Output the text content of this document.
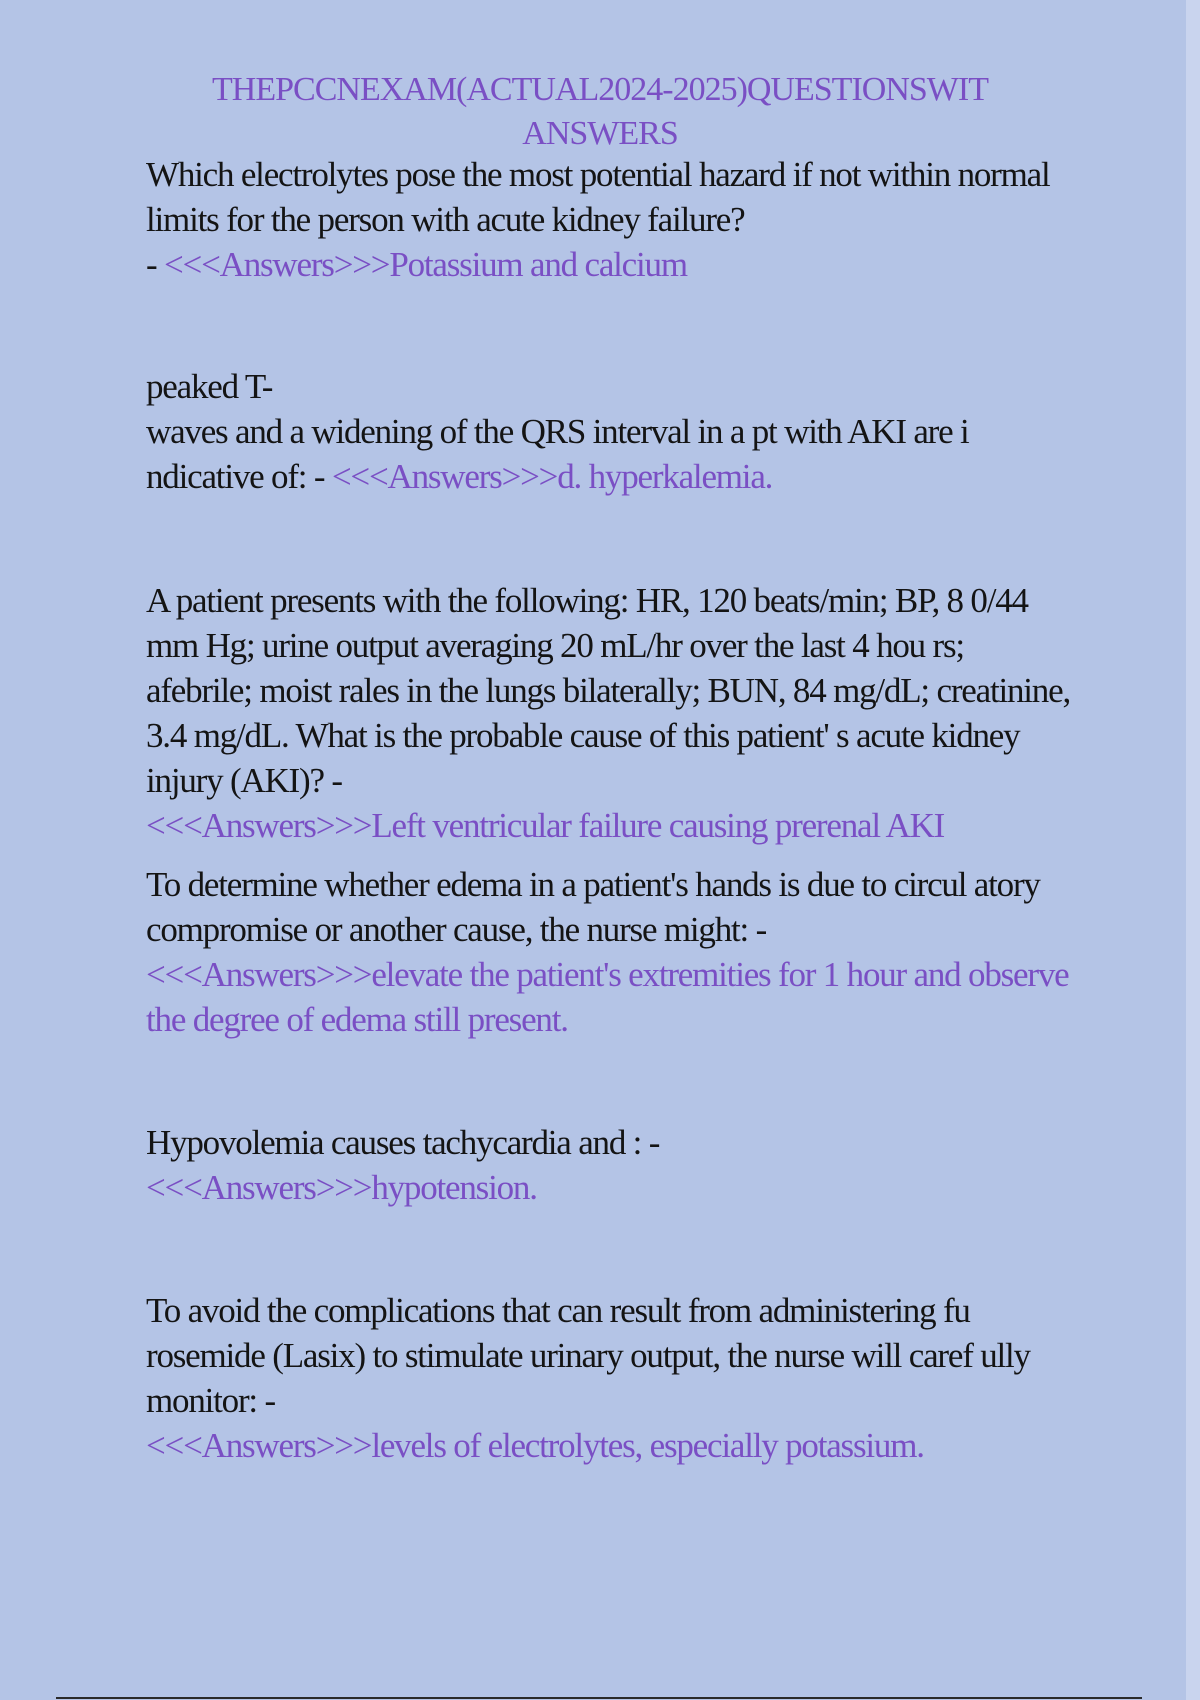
THEPCCNEXAM(ACTUAL2024-2025)QUESTIONSWIT
ANSWERS

Which electrolytes pose the most potential hazard if not within normal limits for the person with acute kidney failure?

- <<<Answers>>>Potassium and calcium

peaked T-
waves and a widening of the QRS interval in a pt with AKI are i ndicative of: - <<<Answers>>>d. hyperkalemia.

A patient presents with the following: HR, 120 beats/min; BP, 8 0/44 mm Hg; urine output averaging 20 mL/hr over the last 4 hou rs; afebrile; moist rales in the lungs bilaterally; BUN, 84 mg/dL; creatinine, 3.4 mg/dL. What is the probable cause of this patient' s acute kidney injury (AKI)? -

<<<Answers>>>Left ventricular failure causing prerenal AKI

To determine whether edema in a patient's hands is due to circul atory compromise or another cause, the nurse might: -

<<<Answers>>>elevate the patient's extremities for 1 hour and observe the degree of edema still present.

Hypovolemia causes tachycardia and : -

<<<Answers>>>hypotension.

To avoid the complications that can result from administering fu rosemide (Lasix) to stimulate urinary output, the nurse will caref ully monitor: -

<<<Answers>>>levels of electrolytes, especially potassium.
